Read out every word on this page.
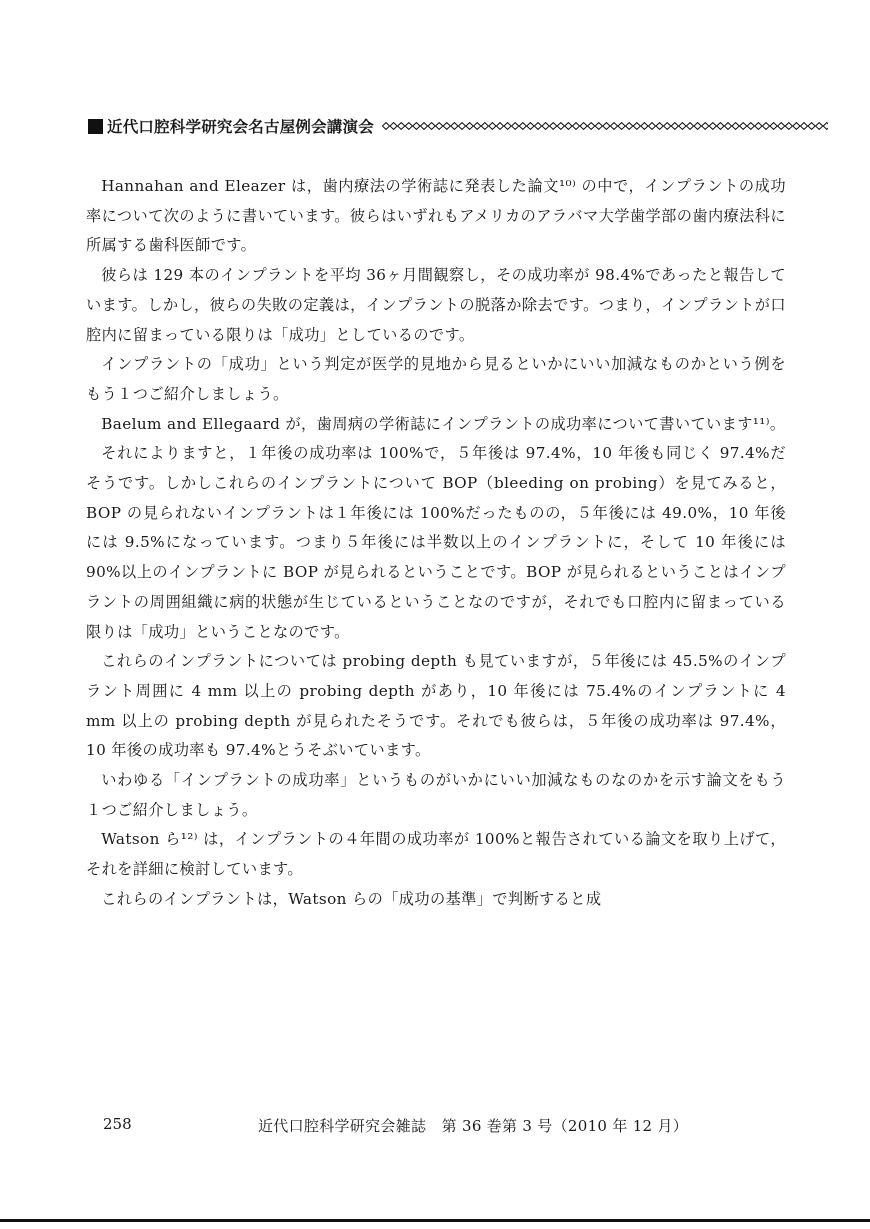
近代口腔科学研究会名古屋例会講演会

Hannahan and Eleazer は，歯内療法の学術誌に発表した論文¹⁰⁾ の中で，インプラントの成功率について次のように書いています。彼らはいずれもアメリカのアラバマ大学歯学部の歯内療法科に所属する歯科医師です。

彼らは 129 本のインプラントを平均 36ヶ月間観察し，その成功率が 98.4%であったと報告しています。しかし，彼らの失敗の定義は，インプラントの脱落か除去です。つまり，インプラントが口腔内に留まっている限りは「成功」としているのです。

インプラントの「成功」という判定が医学的見地から見るといかにいい加減なものかという例をもう１つご紹介しましょう。

Baelum and Ellegaard が，歯周病の学術誌にインプラントの成功率について書いています¹¹⁾。

それによりますと，１年後の成功率は 100%で，５年後は 97.4%，10 年後も同じく 97.4%だそうです。しかしこれらのインプラントについて BOP（bleeding on probing）を見てみると，BOP の見られないインプラントは１年後には 100%だったものの，５年後には 49.0%，10 年後には 9.5%になっています。つまり５年後には半数以上のインプラントに，そして 10 年後には 90%以上のインプラントに BOP が見られるということです。BOP が見られるということはインプラントの周囲組織に病的状態が生じているということなのですが，それでも口腔内に留まっている限りは「成功」ということなのです。

これらのインプラントについては probing depth も見ていますが，５年後には 45.5%のインプラント周囲に 4 mm 以上の probing depth があり，10 年後には 75.4%のインプラントに 4 mm 以上の probing depth が見られたそうです。それでも彼らは，５年後の成功率は 97.4%，10 年後の成功率も 97.4%とうそぶいています。

いわゆる「インプラントの成功率」というものがいかにいい加減なものなのかを示す論文をもう１つご紹介しましょう。

Watson ら¹²⁾ は，インプラントの４年間の成功率が 100%と報告されている論文を取り上げて，それを詳細に検討しています。

これらのインプラントは，Watson らの「成功の基準」で判断すると成

258	近代口腔科学研究会雑誌　第 36 巻第 3 号（2010 年 12 月）
